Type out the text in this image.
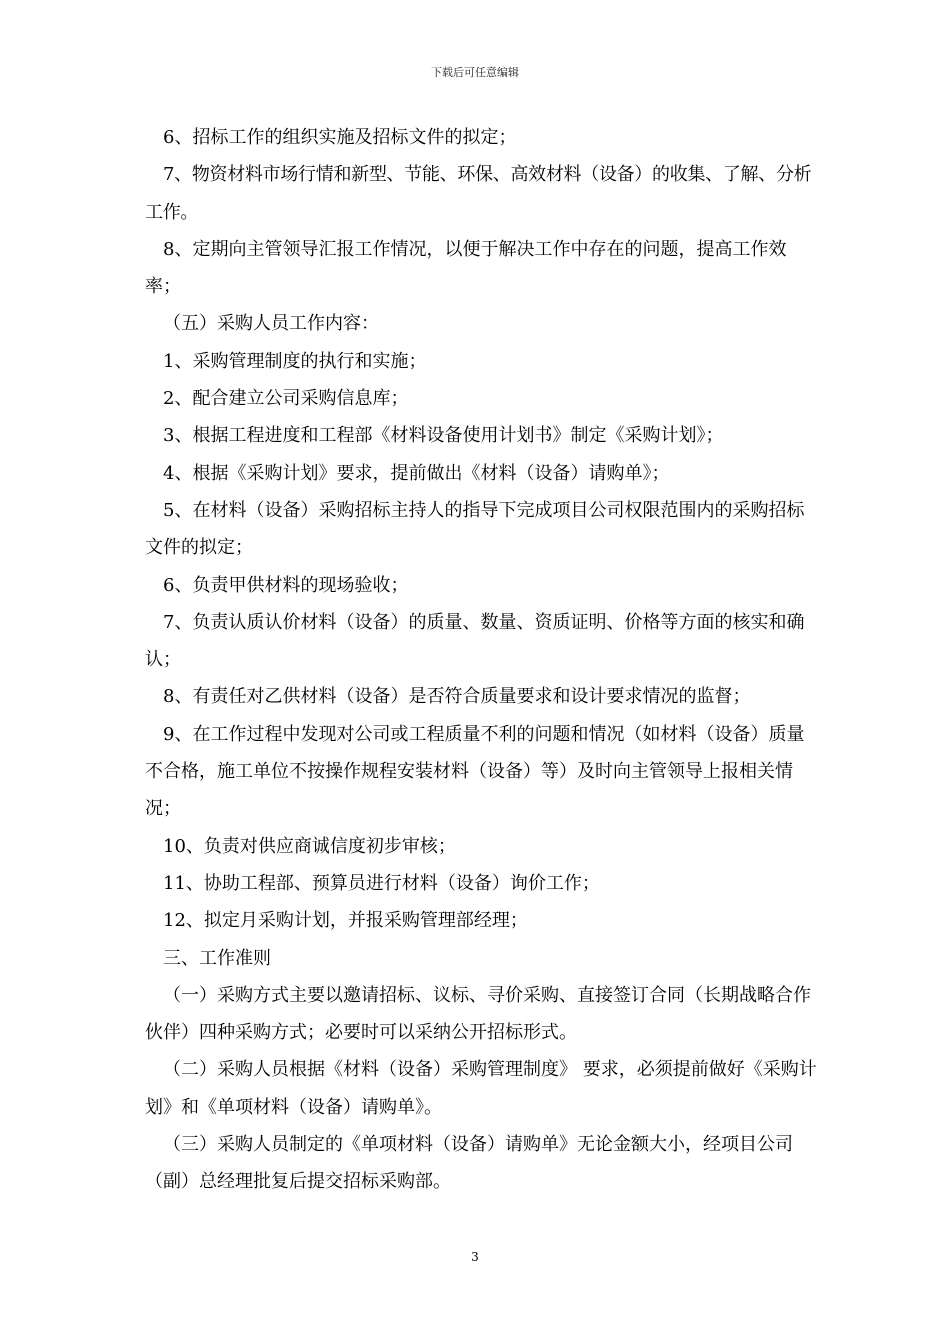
下载后可任意编辑

6、招标工作的组织实施及招标文件的拟定；

7、物资材料市场行情和新型、节能、环保、高效材料（设备）的收集、了解、分析工作。

8、定期向主管领导汇报工作情况，以便于解决工作中存在的问题，提高工作效率；

（五）采购人员工作内容：

1、采购管理制度的执行和实施；

2、配合建立公司采购信息库；

3、根据工程进度和工程部《材料设备使用计划书》制定《采购计划》；

4、根据《采购计划》要求，提前做出《材料（设备）请购单》；

5、在材料（设备）采购招标主持人的指导下完成项目公司权限范围内的采购招标文件的拟定；

6、负责甲供材料的现场验收；

7、负责认质认价材料（设备）的质量、数量、资质证明、价格等方面的核实和确认；

8、有责任对乙供材料（设备）是否符合质量要求和设计要求情况的监督；

9、在工作过程中发现对公司或工程质量不利的问题和情况（如材料（设备）质量不合格，施工单位不按操作规程安装材料（设备）等）及时向主管领导上报相关情况；

10、负责对供应商诚信度初步审核；

11、协助工程部、预算员进行材料（设备）询价工作；

12、拟定月采购计划，并报采购管理部经理；

三、工作准则

（一）采购方式主要以邀请招标、议标、寻价采购、直接签订合同（长期战略合作伙伴）四种采购方式；必要时可以采纳公开招标形式。

（二）采购人员根据《材料（设备）采购管理制度》 要求，必须提前做好《采购计划》和《单项材料（设备）请购单》。

（三）采购人员制定的《单项材料（设备）请购单》无论金额大小，经项目公司（副）总经理批复后提交招标采购部。

3
